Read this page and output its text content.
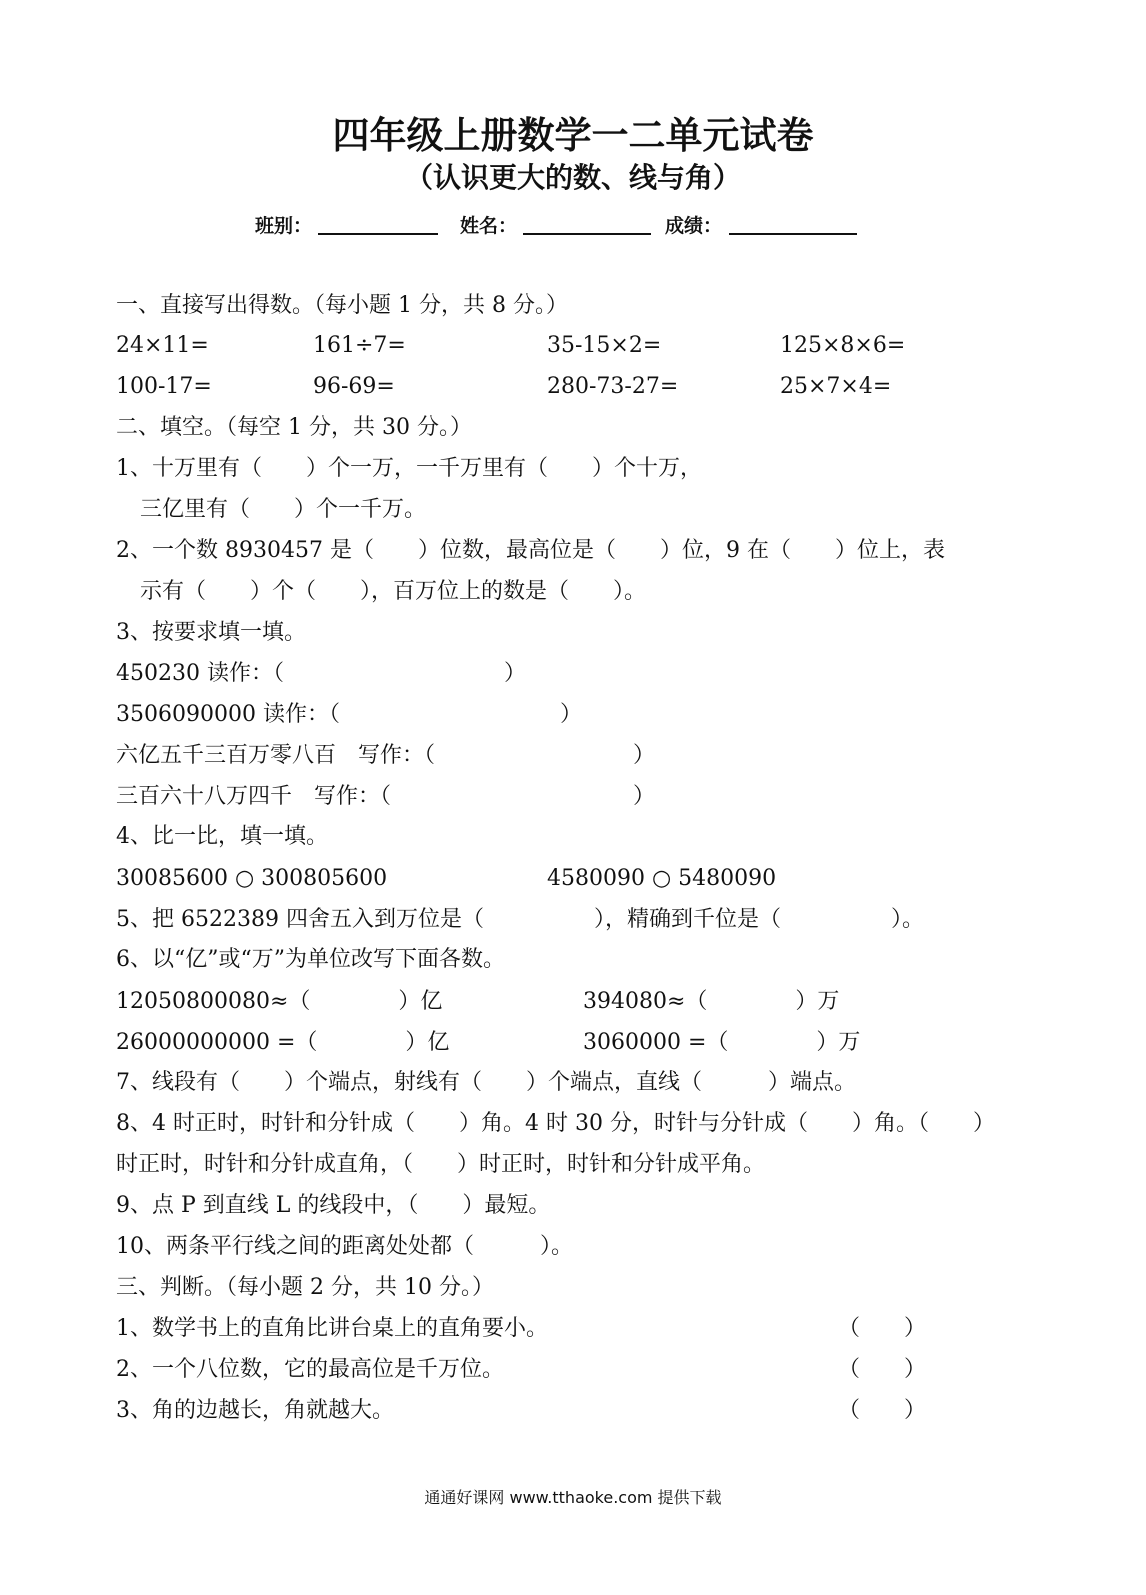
四年级上册数学一二单元试卷
（认识更大的数、线与角）
班别：	姓名：	成绩：
一、直接写出得数。（每小题 1 分，共 8 分。）
24×11=	161÷7=	35-15×2=	125×8×6=
100-17=	96-69=	280-73-27=	25×7×4=
二、填空。（每空 1 分，共 30 分。）
1、十万里有（　　）个一万，一千万里有（　　）个十万，
三亿里有（　　）个一千万。
2、一个数 8930457 是（　　）位数，最高位是（　　）位，9 在（　　）位上，表
示有（　　）个（　　），百万位上的数是（　　）。
3、按要求填一填。
450230 读作：（　　　　　　　　　　）
3506090000 读作：（　　　　　　　　　　）
六亿五千三百万零八百　写作：（　　　　　　　　　）
三百六十八万四千　写作：（　　　　　　　　　　　）
4、比一比，填一填。
30085600 ○ 300805600	4580090 ○ 5480090
5、把 6522389 四舍五入到万位是（　　　　　），精确到千位是（　　　　　）。
6、以“亿”或“万”为单位改写下面各数。
12050800080≈（　　　　）亿	394080≈（　　　　）万
26000000000 =（　　　　）亿	3060000 =（　　　　）万
7、线段有（　　）个端点，射线有（　　）个端点，直线（　　　）端点。
8、4 时正时，时针和分针成（　　）角。4 时 30 分，时针与分针成（　　）角。（　　）
时正时，时针和分针成直角，（　　）时正时，时针和分针成平角。
9、点 P 到直线 L 的线段中，（　　）最短。
10、两条平行线之间的距离处处都（　　　）。
三、判断。（每小题 2 分，共 10 分。）
1、数学书上的直角比讲台桌上的直角要小。	（　　）
2、一个八位数，它的最高位是千万位。	（　　）
3、角的边越长，角就越大。	（　　）
通通好课网 www.tthaoke.com 提供下载
